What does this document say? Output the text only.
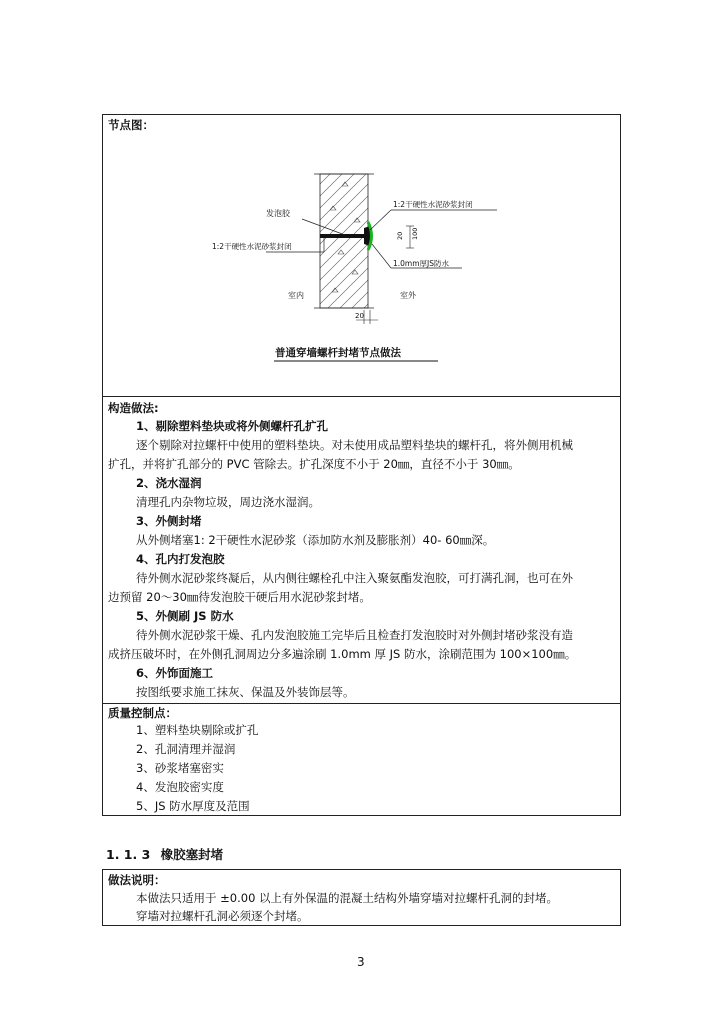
节点图：
发泡胶
1:2干硬性水泥砂浆封闭
1:2干硬性水泥砂浆封闭
100
20
1.0mm厚JS防水
室内	室外
20
普通穿墙螺杆封堵节点做法
构造做法:
1、剔除塑料垫块或将外侧螺杆孔扩孔
逐个剔除对拉螺杆中使用的塑料垫块。对未使用成品塑料垫块的螺杆孔，将外侧用机械
扩孔，并将扩孔部分的 PVC 管除去。扩孔深度不小于 20㎜，直径不小于 30㎜。
2、浇水湿润
清理孔内杂物垃圾，周边浇水湿润。
3、外侧封堵
从外侧堵塞1: 2干硬性水泥砂浆（添加防水剂及膨胀剂）40- 60㎜深。
4、孔内打发泡胶
待外侧水泥砂浆终凝后，从内侧往螺栓孔中注入聚氨酯发泡胶，可打满孔洞，也可在外
边预留 20～30㎜待发泡胶干硬后用水泥砂浆封堵。
5、外侧刷 JS 防水
待外侧水泥砂浆干燥、孔内发泡胶施工完毕后且检查打发泡胶时对外侧封堵砂浆没有造
成挤压破坏时，在外侧孔洞周边分多遍涂刷 1.0mm 厚 JS 防水，涂刷范围为 100×100㎜。
6、外饰面施工
按图纸要求施工抹灰、保温及外装饰层等。
质量控制点：
1、塑料垫块剔除或扩孔
2、孔洞清理并湿润
3、砂浆堵塞密实
4、发泡胶密实度
5、JS 防水厚度及范围
1. 1. 3 橡胶塞封堵
做法说明：
本做法只适用于 ±0.00 以上有外保温的混凝土结构外墙穿墙对拉螺杆孔洞的封堵。
穿墙对拉螺杆孔洞必须逐个封堵。
3
